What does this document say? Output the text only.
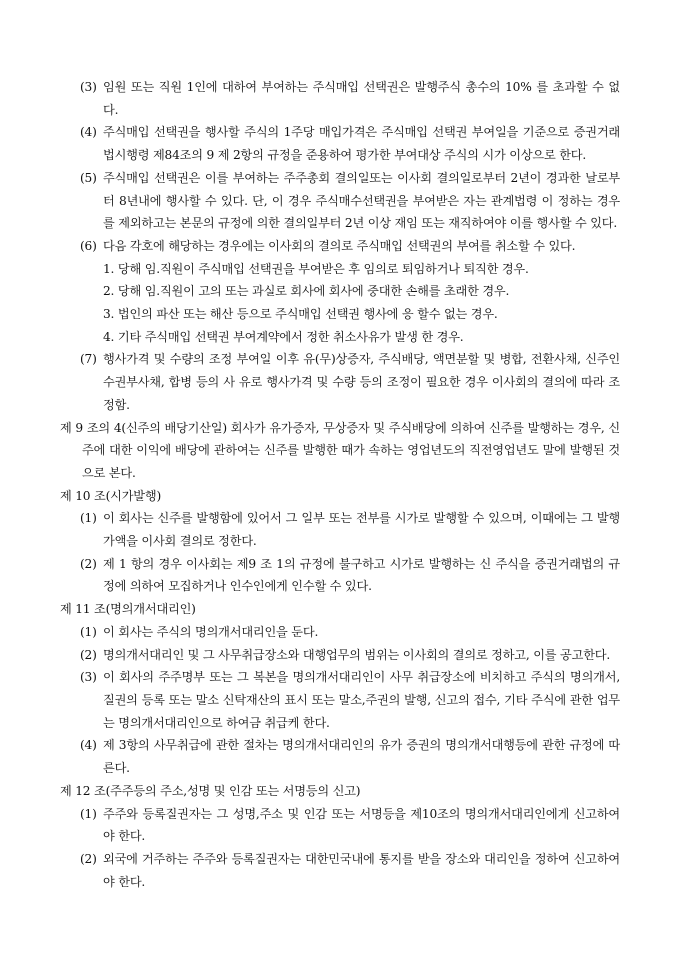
(3) 임원 또는 직원 1인에 대하여 부여하는 주식매입 선택권은 발행주식 총수의 10% 를 초과할 수 없다.
(4) 주식매입 선택권을 행사할 주식의 1주당 매입가격은 주식매입 선택권 부여일을 기준으로 증권거래법시행령 제84조의 9 제 2항의 규정을 준용하여 평가한 부여대상 주식의 시가 이상으로 한다.
(5) 주식매입 선택권은 이를 부여하는 주주총회 결의일또는 이사회 결의일로부터 2년이 경과한 날로부터 8년내에 행사할 수 있다. 단, 이 경우 주식매수선택권을 부여받은 자는 관계법령 이 정하는 경우를 제외하고는 본문의 규정에 의한 결의일부터 2년 이상 재임 또는 재직하여야 이를 행사할 수 있다.
(6) 다음 각호에 해당하는 경우에는 이사회의 결의로 주식매입 선택권의 부여를 취소할 수 있다.
1. 당해 임.직원이 주식매입 선택권을 부여받은 후 임의로 퇴임하거나 퇴직한 경우.
2. 당해 임.직원이 고의 또는 과실로 회사에 회사에 중대한 손해를 초래한 경우.
3. 법인의 파산 또는 해산 등으로 주식매입 선택권 행사에 응 할수 없는 경우.
4. 기타 주식매입 선택권 부여계약에서 정한 취소사유가 발생 한 경우.
(7) 행사가격 및 수량의 조정 부여일 이후 유(무)상증자, 주식배당, 액면분할 및 병합, 전환사채, 신주인수권부사채, 합병 등의 사 유로 행사가격 및 수량 등의 조정이 필요한 경우 이사회의 결의에 따라 조정함.
제 9 조의 4(신주의 배당기산일) 회사가 유가증자, 무상증자 및 주식배당에 의하여 신주를 발행하는 경우, 신주에 대한 이익에 배당에 관하여는 신주를 발행한 때가 속하는 영업년도의 직전영업년도 말에 발행된 것으로 본다.
제 10 조(시가발행)
(1) 이 회사는 신주를 발행함에 있어서 그 일부 또는 전부를 시가로 발행할 수 있으며, 이때에는 그 발행가액을 이사회 결의로 정한다.
(2) 제 1 항의 경우 이사회는 제9 조 1의 규정에 불구하고 시가로 발행하는 신 주식을 증권거래법의 규정에 의하여 모집하거나 인수인에게 인수할 수 있다.
제 11 조(명의개서대리인)
(1) 이 회사는 주식의 명의개서대리인을 둔다.
(2) 명의개서대리인 및 그 사무취급장소와 대행업무의 범위는 이사회의 결의로 정하고, 이를 공고한다.
(3) 이 회사의 주주명부 또는 그 복본을 명의개서대리인이 사무 취급장소에 비치하고 주식의 명의개서,질권의 등록 또는 말소 신탁재산의 표시 또는 말소,주권의 발행, 신고의 접수, 기타 주식에 관한 업무는 명의개서대리인으로 하여금 취급케 한다.
(4) 제 3항의 사무취급에 관한 절차는 명의개서대리인의 유가 증권의 명의개서대행등에 관한 규정에 따른다.
제 12 조(주주등의 주소,성명 및 인감 또는 서명등의 신고)
(1) 주주와 등록질권자는 그 성명,주소 및 인감 또는 서명등을 제10조의 명의개서대리인에게 신고하여야 한다.
(2) 외국에 거주하는 주주와 등록질권자는 대한민국내에 통지를 받을 장소와 대리인을 정하여 신고하여야 한다.
